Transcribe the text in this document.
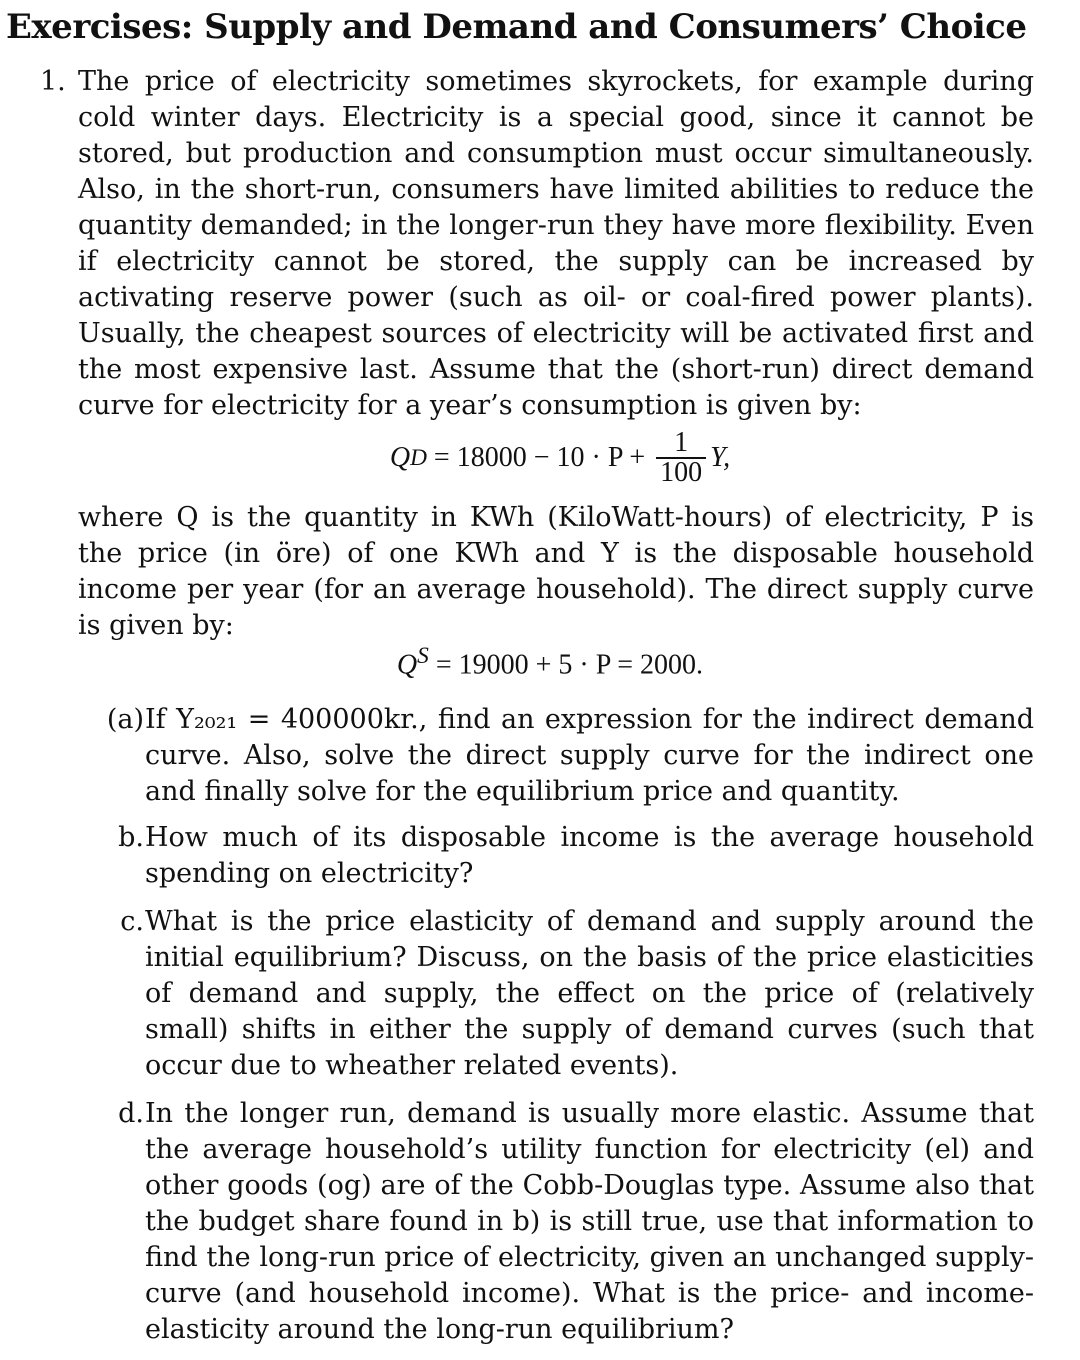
Exercises: Supply and Demand and Consumers’ Choice
1. The price of electricity sometimes skyrockets, for example during cold winter days. Electricity is a special good, since it cannot be stored, but production and consumption must occur simultaneously. Also, in the short-run, consumers have limited abilities to reduce the quantity demanded; in the longer-run they have more flexibility. Even if electricity cannot be stored, the supply can be increased by activating reserve power (such as oil- or coal-fired power plants). Usually, the cheapest sources of electricity will be activated first and the most expensive last. Assume that the (short-run) direct demand curve for electricity for a year’s consumption is given by:
Q $D = 18000 - 10 \cdot P + \frac{1}{100} Y$,
where Q is the quantity in KWh (KiloWatt-hours) of electricity, P is the price (in öre) of one KWh and Y is the disposable household income per year (for an average household). The direct supply curve is given by:
$Q^S = 19000 + 5 \cdot P = 2000$.
(a) If Y₂₀₂₁ = 400000kr., find an expression for the indirect demand curve. Also, solve the direct supply curve for the indirect one and finally solve for the equilibrium price and quantity.
b. How much of its disposable income is the average household spending on electricity?
c. What is the price elasticity of demand and supply around the initial equilibrium? Discuss, on the basis of the price elasticities of demand and supply, the effect on the price of (relatively small) shifts in either the supply of demand curves (such that occur due to wheather related events).
d. In the longer run, demand is usually more elastic. Assume that the average household’s utility function for electricity (el) and other goods (og) are of the Cobb-Douglas type. Assume also that the budget share found in b) is still true, use that information to find the long-run price of electricity, given an unchanged supply-curve (and household income). What is the price- and income-elasticity around the long-run equilibrium?
